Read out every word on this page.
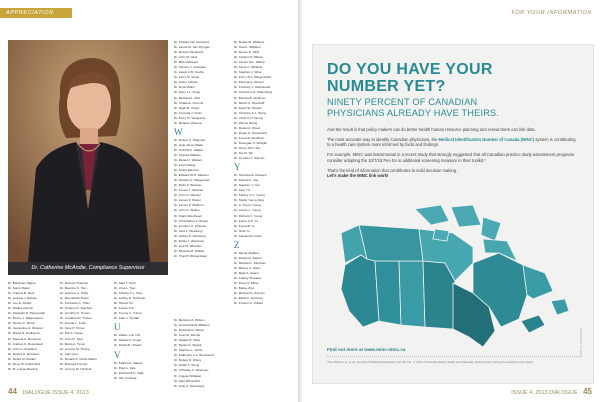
APPRECIATION
Dr. Catherine McAndie, Compliance Supervisor
Dr. Balvinder Rajput
Dr. Aaron Rakel
Dr. Andrew B. Raul
Dr. Leanne J. Rebelo
Dr. Lee E. Reddy
Dr. Nadine Remily
Dr. Panjindri D. Rampertab
Dr. Penny J. Rappersaud
Dr. Renee C. Rerun
Dr. Jacqueline A. Rideout
Dr. Mariel E. Rodriguez
Dr. Pamela A. Rompson
Dr. Andrew K. Rosenstein
Dr. John G. Rowland
Dr. Robert H. Rumsam
Dr. Debra M. Ruskin
Dr. Rene W. Rutherford
Dr. M. Louise Rueling
Dr. Reinold Thatcher
Dr. Maurice C. Tian
Dr. Spencer A. Tighe
Dr. Meenakshi Tiwari
Dr. Kimberley L. Tilley
Dr. Hudson D. Tkachuk
Dr. Jennifer O. Trudel
Dr. Jonathan R. Tucker
Dr. Amelia L. Tudor
Dr. Jane P. Turner
Dr. Raj S. Tuteja
Dr. John R. Tyler
Dr. Marla A. Tyson
Dr. Jessica M. Thorpe
Dr. Karl Tyrer
Dr. Ronald S. Ulrich-Martin
Dr. Maxwell Turman
Dr. Jeremy M. Turnbull
Dr. Alan T. Trinh
Dr. Ursa L. Tsui
Dr. Shelley A.L. Tsao
Dr. Jeffrey B. Tuchman
Dr. Hamid Tul
Dr. Kenan Tuli
Dr. Tyrone C. Turner
Dr. Klari J. Tyndall
U
Dr. Walter C.E. Uhl
Dr. Nathan F. Unger
Dr. David B. Urbach
V
Dr. Kathrin A. Vakeel
Dr. Paul A. Vale
Dr. Richard B.C. Valle
Dr. Van Cortinge
Dr. Kristian Van Nostrand
Dr. Laurie M. Van Wyngen
Dr. Roman Vanderbilt
Dr. John M. Vasil
Dr. Mila Vasilescu
Dr. Vincent J. Vechiolla
Dr. Jakob C.B. Vestby
Dr. Kerry M. Vetter
Dr. Julien Vidican
Dr. Dora Villani
Dr. Mary J.L. Vingo
Dr. Michael A. Vinh
Dr. Chaka E. Visconti
Dr. Heidi M. Vivian
Dr. Amanda J. Vizan
Dr. Kerry M. Vlangarris
Dr. Melanie Vlasova
W
Dr. Robert C. Wagman
Dr. Lisle Jason Wade
Dr. Todd W.C. Walker
Dr. Virginia Wallace
Dr. Daniel J. Walters
Dr. Kevin Wang
Dr. Smith Wancott
Dr. Edward W.H. Wasson
Dr. Dorothy A. Waugaman
Dr. Brian F. Webster
Dr. James T. Webster
Dr. John G. Weeser
Dr. James F. Weiler
Dr. James P. Welborn
Dr. John S. Welton
Dr. Frank Westhead
Dr. Christopher V. Weber
Dr. Jennifer O. Wheeler
Dr. Lara L. Weinberg
Dr. Jeffrey S. Weinberg
Dr. Ethan J. Weinberg
Dr. Lisa M. Wheldon
Dr. Rhonda M. Whittle
Dr. Thad P. Wickersham
Dr. Bertrand A. Wilson
Dr. Gerard Dashi Williams
Dr. Deborah D. Wilner
Dr. Jean M. Winnik
Dr. Natalie R. Witte
Dr. Daniel D. Wojcik
Dr. Stephen L. Wolfe
Dr. Katherine L.A. Wonnacott
Dr. Robert D. Wong
Dr. Stuart T. Wong
Dr. Christian A. Wiseman
Dr. Angela Whitaker
Dr. Alan Winterfeld
Dr. Julie-A. Wennberg
Dr. Noelle M. Williams
Dr. Teal K. Williams
Dr. Renee E. Wills
Dr. Carolyn P. Wilson
Dr. James W.L. Wilson
Dr. Alexa C. Windsor
Dr. Stephen J. Wine
Dr. Perry W.J. Wingertzahn
Dr. Pamela G. Winsor
Dr. Kimberly J. Wisniewski
Dr. Victoria G.E. Wittenberg
Dr. Brenda B. Wolfman
Dr. Martin A. Woodruff
Dr. David W. Woods
Dr. Christine K.J. Wong
Dr. Victor K.H. Wong
Dr. Winnie Wong
Dr. Daniel A. Wood
Dr. Roger D. Woodward
Dr. Kenneth Woolfson
Dr. Rosegale S. Wraight
Dr. Henry W.H. Wu
Dr. Siu M. Wu
Dr. Jennifer J. Wyman
Y
Dr. Hamidreza Yanaveh
Dr. Davina A. Yau
Dr. Stephen J. Yeo
Dr. Jacy Yiu
Dr. Shirley C.C. Yeung
Dr. Shelly Yeung-Sing
Dr. Li Yinyun Young
Dr. Janice L. Young
Dr. Richard J. Young
Dr. Karen C.P. Yu
Dr. Kenneth Yu
Dr. Gina Yu
Dr. Alexandra Yuzbe
Z
Dr. Itamar Zadikov
Dr. Daniel R. Zayber
Dr. Michael L. Zayfman
Dr. Milena G. Zeiler
Dr. Mark A. Zelent
Dr. Andrey Zhuralev
Dr. Pavel V. Zilber
Dr. Bailee Zinn
Dr. Michael S. Zinman
Dr. Elliott F. Zoutman
Dr. Preston A. Zuliani
44 DIALOGUE ISSUE 4, 2013
FOR YOUR INFORMATION
DO YOU HAVE YOUR
NUMBER YET?
NINETY PERCENT OF CANADIAN
PHYSICIANS ALREADY HAVE THEIRS.

And the result is that policy makers can do better health human resource planning and researchers can link data.

The most accurate way to identify Canadian physicians, the Medical Identification Number of Canada (MINC) system is contributing to a health care system more informed by facts and findings.

For example, MINC was instrumental in a recent study that strongly suggested that all Canadian practice study assessment programs consider adopting the 10/7/18 Pen Ex in additional screening measure in their toolkit.*

That's the kind of information that contributes to solid decision making.
Let's make the MINC link work!

Find out more at www.minc-nimc.ca
*See Shaver, A. et al. Journal of Medical Regulation Vol. 99, No. 4, 2013. Predicting Early Health and Specialty Performance Using Pre-practice Information.
PHOTO: MINC/NIMC
ISSUE 4, 2013 DIALOGUE 45
